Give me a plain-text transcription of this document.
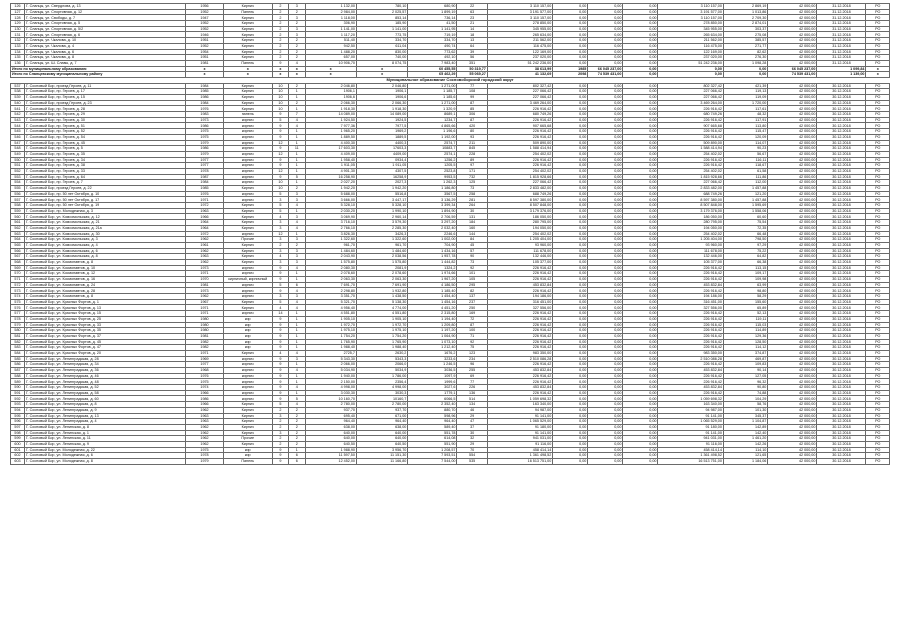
126	Г. Сланцы, ул. Свердлова, д. 13	1956	Кирпич	2	3	1 132,00	780,10	680,90	22	3 110 157,00	0,00	0,00	0,00	3 110 157,00	2 869,19	42 000,00	31.12.2018	РО
127	Г. Сланцы, ул. Спортивная, д. 12	1952	Панель	2	2	2 984,00	2 025,57	1 899,19	63	3 191 577,00	0,00	0,00	0,00	3 191 577,00	1 013,86	42 000,00	31.12.2018	РО
128	Г. Сланцы, ул. Свободы, д. 7	1947	Кирпич	2	3	1 118,00	853,14	736,14	23	3 110 157,00	0,00	0,00	0,00	3 110 157,00	2 709,30	42 000,00	31.12.2018	РО
129	Г. Сланцы, ул. Спортивная, д. 5	1952	Кирпич	2	2	306,90	185,90	41,50	21	278 850,00	0,00	0,00	0,00	278 850,00	2 874,01	42 000,00	31.12.2018	РО
130	Г. Сланцы, ул. Спортивная, д. 5/2	1952	Кирпич	2	3	1 141,00	1 141,00	1 141,95	14	345 955,00	0,00	0,00	0,00	345 955,00	303,37	42 000,00	31.12.2018	РО
131	Г. Сланцы, ул. Спортивная, д. 6	1946	Кирпич	2	3	1 117,20	773,75	719,19	18	265 634,00	0,00	0,00	0,00	265 634,00	275,08	42 000,00	31.12.2018	РО
132	Г. Сланцы, ул. Чкалова, д. 10	1951	Кирпич	2	2	511,40	334,70	334,70	13	211 562,00	0,00	0,00	0,00	211 562,00	385,57	42 000,00	31.12.2018	РО
133	Г. Сланцы, ул. Чкалова, д. 4	1952	Кирпич	2	2	942,50	611,04	490,74	64	116 475,00	0,00	0,00	0,00	116 475,00	271,77	42 000,00	31.12.2018	РО
134	Г. Сланцы, ул. Чкалова, д. 6	1954	Кирпич	2	2	1 488,20	830,00	773,62	39	122 169,00	0,00	0,00	0,00	122 169,00	82,62	42 000,00	31.12.2018	РО
135	Г. Сланцы, ул. Чкалова, д. 8	1951	Кирпич	2	2	657,00	740,00	492,10	56	237 020,00	0,00	0,00	0,00	237 020,00	276,30	42 000,00	31.12.2018	РО
136	Г. Сланцы, ул. Ш. Славы, д. 7	1981	Панель	9	4	10 906,70	8 074,75	7 983,40	351	51 242 236,00	0,00	0,00	0,00	51 242 236,00	1 098,28	42 000,00	31.12.2018	РО
Итого по муниципальному образованию		x	x	x	x	x	x	60 455,55	50 319,77	38 613,99	1985	66 045 237,00	0,00	0,00	0,00	66 045 237,00	1 099,84	x
Итого по Сланцевскому муниципальному району		x	x	x	x	x	x	65 462,29	55 069,27	41 132,69	2098	74 539 431,00	0,00	0,00	0,00	74 539 431,00	1 139,00	x
Муниципальное образование Сосновоборский городской округ																		
537	Г. Сосновый Бор, проезд Героев, д. 11	1984	Кирпич	10	2	2 046,80	2 046,80	1 271,00	77	802 327,42	0,00	0,00	0,00	802 327,42	421,39	42 000,00	30.12.2018	РО
538	Г. Сосновый Бор, пр. Героев, д. 17	1985	Кирпич	10	1	1906,1	1906,1	1 185,7	108	227 066,42	0,00	0,00	0,00	227 066,42	119,13	42 000,00	30.12.2018	РО
539	Г. Сосновый Бор, пр. Героев, д. 15	1986	Кирпич	10	1	1906,6	1906,6	1 185,6	99	227 066,42	0,00	0,00	0,00	227 066,42	119,09	42 000,00	30.12.2018	РО
540	Г. Сосновый Бор, проезд Героев, д. 23	1984	Кирпич	10	2	2 066,30	2 066,30	1 271,00	87	3 469 264,00	0,00	0,00	0,00	3 469 264,00	1 720,00	42 000,00	30.12.2018	РО
541	Г. Сосновый Бор, пр. Героев, д. 28	1976	Кирпич	10	1	1 918,30	1 918,30	1 320,9	85	226 916,42	0,00	0,00	0,00	226 916,42	117,61	42 000,00	30.12.2018	РО
542	Г. Сосновый Бор, пр. Героев, д. 29	1983	панель	9	7	14 089,00	14 089,00	8689,1	306	680 749,26	0,00	0,00	0,00	680 749,26	48,32	42 000,00	30.12.2018	РО
543	Г. Сосновый Бор, пр. Героев, д. 30	1973	кирпич	5	4	1 924,50	1924,5	1234,7	87	226 916,42	0,00	0,00	0,00	226 916,42	117,91	42 000,00	30.12.2018	РО
544	Г. Сосновый Бор, пр. Героев, д. 51	1986	кирпич	9	4	7 977,36	7977,5	4 865,66	420	907 665,68	0,00	0,00	0,00	907 665,68	113,80	42 000,00	30.12.2018	РО
545	Г. Сосновый Бор, пр. Героев, д. 52	1975	кирпич	9	1	1 965,20	1969,2	1 196,6	80	226 916,42	0,00	0,00	0,00	226 916,42	115,47	42 000,00	30.12.2018	РО
546	Г. Сосновый Бор, пр. Героев, д. 54	1975	кирпич	9	1	1 889,50	1889,5	1 192,00	93	226 916,42	0,00	0,00	0,00	226 916,42	120,09	42 000,00	30.12.2018	РО
547	Г. Сосновый Бор, пр. Героев, д. 45	1979	кирпич	12	1	4 400,30	4400,3	2574,7	211	509 890,00	0,00	0,00	0,00	509 890,00	114,07	42 000,00	30.12.2018	РО
548	Г. Сосновый Бор, пр. Героев, д. 5	1986	кирпич	9	11	17 603,30	17603,3	10883,7	845	1 588 414,94	0,00	0,00	0,00	1 588 414,94	90,23	42 000,00	30.12.2018	РО
549	Г. Сосновый Бор, пр. Героев, д. 35	1979	кирпич	12	1	4 409,00	4409,00	2574,1	228	254 402,02	0,00	0,00	0,00	254 402,02	56,67	42 000,00	30.12.2018	РО
550	Г. Сосновый Бор, пр. Героев, д. 34	1977	кирпич	9	1	1 958,40	0934,4	1256,2	89	226 916,42	0,00	0,00	0,00	226 916,42	116,11	42 000,00	30.12.2018	РО
551	Г. Сосновый Бор, пр. Героев, д. 38	1977	кирпич	9	1	1 911,05	1 911,05	1205,5	97	226 916,42	0,00	0,00	0,00	226 916,42	118,67	42 000,00	30.12.2018	РО
552	Г. Сосновый Бор, пр. Героев, д. 33	1978	кирпич	12	1	4 901,30	4307,5	2523,8	171	254 402,02	0,00	0,00	0,00	254 402,02	61,58	42 000,00	30.12.2018	РО
553	Г. Сосновый Бор, пр. Героев, д. 64	1987	кирпич	9	5	16 258,90	16258,9	9953,5	732	1 815 928,66	0,00	0,00	0,00	1 815 928,66	111,86	42 000,00	30.12.2018	РО
554	Г. Сосновый Бор, пр. Героев, д. 7	1984	кирпич	10	1	2 027,20	2027,3	1 262,3	125	227 066,42	0,00	0,00	0,00	227 066,42	112,00	42 000,00	30.12.2018	РО
555	Г. Сосновый Бор, проезд Героев, д. 22	1985	Кирпич	10	2	1 942,20	1 942,20	1 186,80	73	2 833 482,00	0,00	0,00	0,00	2 833 482,00	1 457,88	42 000,00	30.12.2018	РО
556	Г. Сосновый Бор, пр. 50 лет Октября, д. 10	1976	кирпич	5	3	5 688,00	5516,8	3567,5	258	688 749,26	0,00	0,00	0,00	688 749,26	121,20	42 000,00	30.12.2018	РО
557	Г. Сосновый Бор, пр. 50 лет Октября, д. 17	1971	кирпич	3	3	3 666,00	3 447,17	3 136,29	281	8 597 380,00	0,00	0,00	0,00	8 597 380,00	1 457,88	42 000,00	30.12.2018	РО
558	Г. Сосновый Бор, пр. 50 лет Октября, д. 19	1972	Кирпич	5	4	5 328,10	5 328,10	3 399,34	264	8 507 848,00	0,00	0,00	0,00	8 507 848,00	1 595,69	42 000,00	30.12.2018	РО
559	Г. Сосновый Бор, пр. Молодежная, д. 3	1963	Кирпич	5	1	2 030,20	1 990,10	1 894,90	30	3 179 376,00	0,00	0,00	0,00	3 179 376,00	1 558,06	42 000,00	30.12.2018	РО
560	Г. Сосновый Бор, ул. Комсомольская, д. 12	1966	Кирпич	4	3	3 069,90	2 960,14	2 706,59	131	186 050,00	0,00	0,00	0,00	186 050,00	60,60	42 000,00	30.12.2018	РО
561	Г. Сосновый Бор, ул. Комсомольская, д. 21	1964	Кирпич	3	4	3 716,10	3 579,30	3 297,20	184	280 795,00	0,00	0,00	0,00	280 795,00	75,54	42 000,00	30.12.2018	РО
562	Г. Сосновый Бор, ул. Комсомольская, д. 21а	1964	Кирпич	3	4	2 766,10	2 285,30	2 032,40	160	194 050,00	0,00	0,00	0,00	194 050,00	72,35	42 000,00	30.12.2018	РО
563	Г. Сосновый Бор, ул. Комсомольская, д. 30	1972	кирпич	12	1	3 826,30	3426,3	2246,6	144	254 402,02	0,00	0,00	0,00	254 402,02	66,48	42 000,00	30.12.2018	РО
564	Г. Сосновый Бор, ул. Комсомольская, д. 3	1962	Прочие	3	3	1 322,60	1 322,60	1 002,00	84	1 205 404,00	0,00	0,00	0,00	1 205 404,00	798,50	42 000,00	30.12.2018	РО
565	Г. Сосновый Бор, ул. Комсомольская, д. 4	1961	Кирпич	2	2	961,70	961,70	704,90	45	93 960,00	0,00	0,00	0,00	93 960,00	97,29	42 000,00	30.12.2018	РО
566	Г. Сосновый Бор, ул. Комсомольская, д. 6	1962	Кирпич	3	3	1 484,60	1 484,60	1 434,16	57	111 678,00	0,00	0,00	0,00	111 678,00	75,22	42 000,00	30.12.2018	РО
567	Г. Сосновый Бор, ул. Комсомольская, д. 8	1963	Кирпич	4	3	2 043,90	2 038,56	1 957,78	90	132 446,00	0,00	0,00	0,00	132 446,00	64,82	42 000,00	30.12.2018	РО
568	Г. Сосновый Бор, ул. Космонавтов, д. 8	1962	Кирпич	3	3	1 575,80	1 575,80	1 444,82	73	105 377,00	0,00	0,00	0,00	105 377,00	66,38	42 000,00	30.12.2018	РО
569	Г. Сосновый Бор, ул. Космонавтов, д. 10	1973	кирпич	9	4	2 080,30	2081,9	1324,2	92	226 916,42	0,00	0,00	0,00	226 916,42	113,15	42 000,00	30.12.2018	РО
570	Г. Сосновый Бор, ул. Космонавтов, д. 12	1971	кирпич	9	1	2 078,60	2 078,60	1 974,66	101	226 916,42	0,00	0,00	0,00	226 916,42	109,17	42 000,00	30.12.2018	РО
571	Г. Сосновый Бор, ул. Космонавтов, д. 16	1970	кирпичный, кирпичный	9	1	2 063,30	2 063,30	1 967,20	105	226 916,42	0,00	0,00	0,00	226 916,42	109,98	42 000,00	30.12.2018	РО
572	Г. Сосновый Бор, ул. Космонавтов, д. 24	1981	кирпич	5	6	7 691,70	7 691,90	4 186,50	295	453 832,84	0,00	0,00	0,00	453 832,84	63,99	42 000,00	30.12.2018	РО
573	Г. Сосновый Бор, ул. Космонавтов, д. 28	1973	кирпич	9	4	2 298,80	1 932,80	1 185,40	82	226 916,42	0,00	0,00	0,00	226 916,42	98,80	42 000,00	30.12.2018	РО
574	Г. Сосновый Бор, ул. Космонавтов, д. 8	1962	кирпич	3	3	3 351,70	1 438,50	1 454,40	137	194 186,00	0,00	0,00	0,00	194 186,00	58,29	42 000,00	30.12.2018	РО
575	Г. Сосновый Бор, ул. Красных Фортов, д. 1	1967	Кирпич	5	4	5 321,70	5 138,30	1 454,16	237	316 451,00	0,00	0,00	0,00	316 451,00	155,60	42 000,00	30.12.2018	РО
576	Г. Сосновый Бор, ул. Красных Фортов, д. 13	1971	Кирпич	4	4	4 956,40	4 774,00	4 451,20	250	327 556,00	0,00	0,00	0,00	327 556,00	65,89	42 000,00	30.12.2018	РО
577	Г. Сосновый Бор, ул. Красных Фортов, д. 15	1971	кирпич	14	1	4 551,80	4 551,80	2 315,80	169	226 916,42	0,00	0,00	0,00	226 916,42	52,13	42 000,00	30.12.2018	РО
578	Г. Сосновый Бор, ул. Красных Фортов, д. 25	1980	кир	9	1	1 905,10	1 905,10	1 194,40	72	226 916,42	0,00	0,00	0,00	226 916,42	119,11	42 000,00	30.12.2018	РО
579	Г. Сосновый Бор, ул. Красных Фортов, д. 33	1980	кир	9	1	1 972,70	1 972,70	1 209,80	87	226 916,42	0,00	0,00	0,00	226 916,42	115,03	42 000,00	30.12.2018	РО
580	Г. Сосновый Бор, ул. Красных Фортов, д. 35	1980	кир	9	1	1 975,10	1 975,10	1 197,20	100	226 916,42	0,00	0,00	0,00	226 916,42	114,89	42 000,00	30.12.2018	РО
581	Г. Сосновый Бор, ул. Красных Фортов, д. 37	1981	кир	9	1	1 754,20	1 754,20	1 064,90	71	226 916,42	0,00	0,00	0,00	226 916,42	129,36	42 000,00	30.12.2018	РО
582	Г. Сосновый Бор, ул. Красных Фортов, д. 45	1982	кир	9	1	1 765,90	1 765,90	1 073,10	92	226 916,42	0,00	0,00	0,00	226 916,42	128,50	42 000,00	30.12.2018	РО
583	Г. Сосновый Бор, ул. Красных Фортов, д. 47	1982	кир	9	1	1 988,40	1 988,40	1 212,40	75	226 916,42	0,00	0,00	0,00	226 916,42	114,12	42 000,00	30.12.2018	РО
584	Г. Сосновый Бор, ул. Красных Фортов, д. 20	1971	Кирпич	4	4	2725,7	2630,2	1676,2	123	983 350,00	0,00	0,00	0,00	983 350,00	374,87	42 000,00	30.12.2018	РО
585	Г. Сосновый Бор, ул. Ленинградская, д. 28	1969	кирпич	9	3	5 343,30	5343,3	3233,6	234	2 510 086,28	0,00	0,00	0,00	2 510 086,28	469,87	42 000,00	30.12.2018	РО
586	Г. Сосновый Бор, ул. Ленинградская, д. 34	1977	кирпич	9	1	2 066,00	2066,0	1 246,5	96	226 916,42	0,00	0,00	0,00	226 916,42	109,83	42 000,00	30.12.2018	РО
587	Г. Сосновый Бор, ул. Ленинградская, д. 36	1968	кирпич	9	4	5 034,90	5034,9	3036,5	255	453 832,84	0,00	0,00	0,00	453 832,84	90,14	42 000,00	30.12.2018	РО
588	Г. Сосновый Бор, ул. Ленинградская, д. 46	1976	кирпич	9	1	1 940,00	1 786,00	1097,9	69	226 916,42	0,00	0,00	0,00	226 916,42	127,05	42 000,00	30.12.2018	РО
589	Г. Сосновый Бор, ул. Ленинградская, д. 48	1975	кирпич	9	1	2 150,00	2356,4	1999,6	77	226 916,42	0,00	0,00	0,00	226 916,42	96,32	42 000,00	30.12.2018	РО
590	Г. Сосновый Бор, ул. Ленинградская, д. 52	1974	кирпич	9	4	4 998,00	4 998,00	3027,6	226	453 832,84	0,00	0,00	0,00	453 832,84	90,80	42 000,00	30.12.2018	РО
591	Г. Сосновый Бор, ул. Ленинградская, д. 58	1966	кирпич	9	1	3 030,30	3030,3	1779,1	136	226 916,42	0,00	0,00	0,00	226 916,42	74,88	42 000,00	30.12.2018	РО
592	Г. Сосновый Бор, ул. Ленинградская, д. 60	1986	кирпич	9	5	10 160,70	10160,7	6066,5	514	1 059 698,32	0,00	0,00	0,00	1 059 698,32	104,29	42 000,00	30.12.2018	РО
593	Г. Сосновый Бор, ул. Ленинградская, д. 8	1966	Кирпич	5	4	2 780,00	2 780,00	2 352,40	134	163 340,00	0,00	0,00	0,00	163 340,00	58,76	42 000,00	30.12.2018	РО
594	Г. Сосновый Бор, ул. Ленинградская, д. 9	1962	Кирпич	2	2	937,70	937,70	880,70	46	94 987,00	0,00	0,00	0,00	94 987,00	101,30	42 000,00	30.12.2018	РО
595	Г. Сосновый Бор, ул. Ленинградская, д. 13	1963	Кирпич	3	2	695,40	671,00	598,96	29	91 141,00	0,00	0,00	0,00	91 141,00	345,37	42 000,00	30.12.2018	РО
596	Г. Сосновый Бор, ул. Ленинградская, д. 4	1963	Кирпич	2	2	964,40	964,40	964,40	47	1 065 529,00	0,00	0,00	0,00	1 065 529,00	1 104,87	42 000,00	30.12.2018	РО
597	Г. Сосновый Бор, ул. Ленинская, д. 8	1962	Кирпич	2	2	638,00	638,00	589,40	37	91 180,00	0,00	0,00	0,00	91 180,00	142,89	42 000,00	30.12.2018	РО
598	Г. Сосновый Бор, ул. Ленинская, д. 1	1962	Кирпич	3	2	640,00	640,00	551,78	30	91 141,00	0,00	0,00	0,00	91 141,00	142,40	42 000,00	30.12.2018	РО
599	Г. Сосновый Бор, ул. Ленинская, д. 11	1962	Прочие	2	2	640,00	640,00	614,08	32	941 031,00	0,00	0,00	0,00	941 031,00	1 461,20	42 000,00	30.12.2018	РО
600	Г. Сосновый Бор, ул. Ленинская, д. 9	1962	Кирпич	2	2	640,50	640,50	551,90	29	91 116,00	0,00	0,00	0,00	91 116,00	142,26	42 000,00	30.12.2018	РО
601	Г. Сосновый Бор, ул. Молодежная, д. 22	1975	кир	9	1	1 988,90	3 956,70	1 208,57	70	458 414,14	0,00	0,00	0,00	458 414,14	114,10	42 000,00	30.12.2018	РО
602	Г. Сосновый Бор, ул. Молодежная, д. 6	1978	кир	9	6	11 597,50	11 151,30	7 593,51	554	1 361 498,52	0,00	0,00	0,00	1 361 498,52	121,65	42 000,00	30.12.2018	РО
603	Г. Сосновый Бор, ул. Молодежная, д. 8	1979	Панель	9	6	12 452,00	11 166,80	7 544,00	535	16 513 751,00	0,00	0,00	0,00	16 513 751,00	1 184,06	42 000,00	30.12.2018	РО
